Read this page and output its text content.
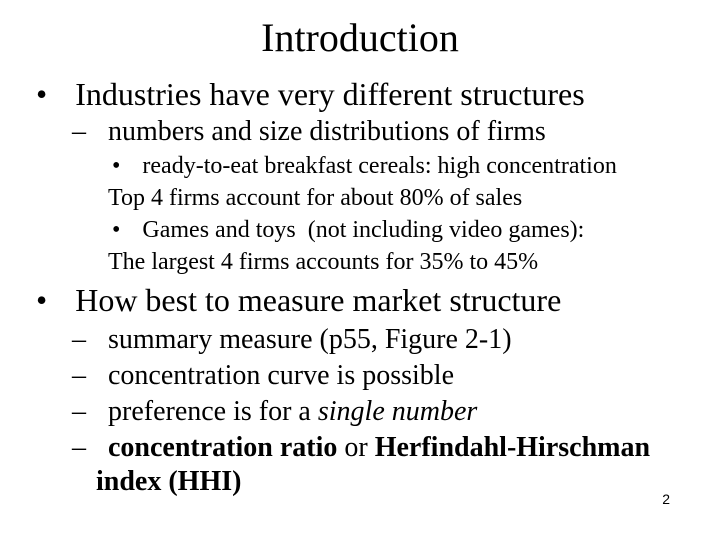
Introduction
• Industries have very different structures
– numbers and size distributions of firms
• ready-to-eat breakfast cereals: high concentration
Top 4 firms account for about 80% of sales
• Games and toys  (not including video games):
The largest 4 firms accounts for 35% to 45%
• How best to measure market structure
– summary measure (p55, Figure 2-1)
– concentration curve is possible
– preference is for a single number
– concentration ratio or Herfindahl-Hirschman
index (HHI)
2
